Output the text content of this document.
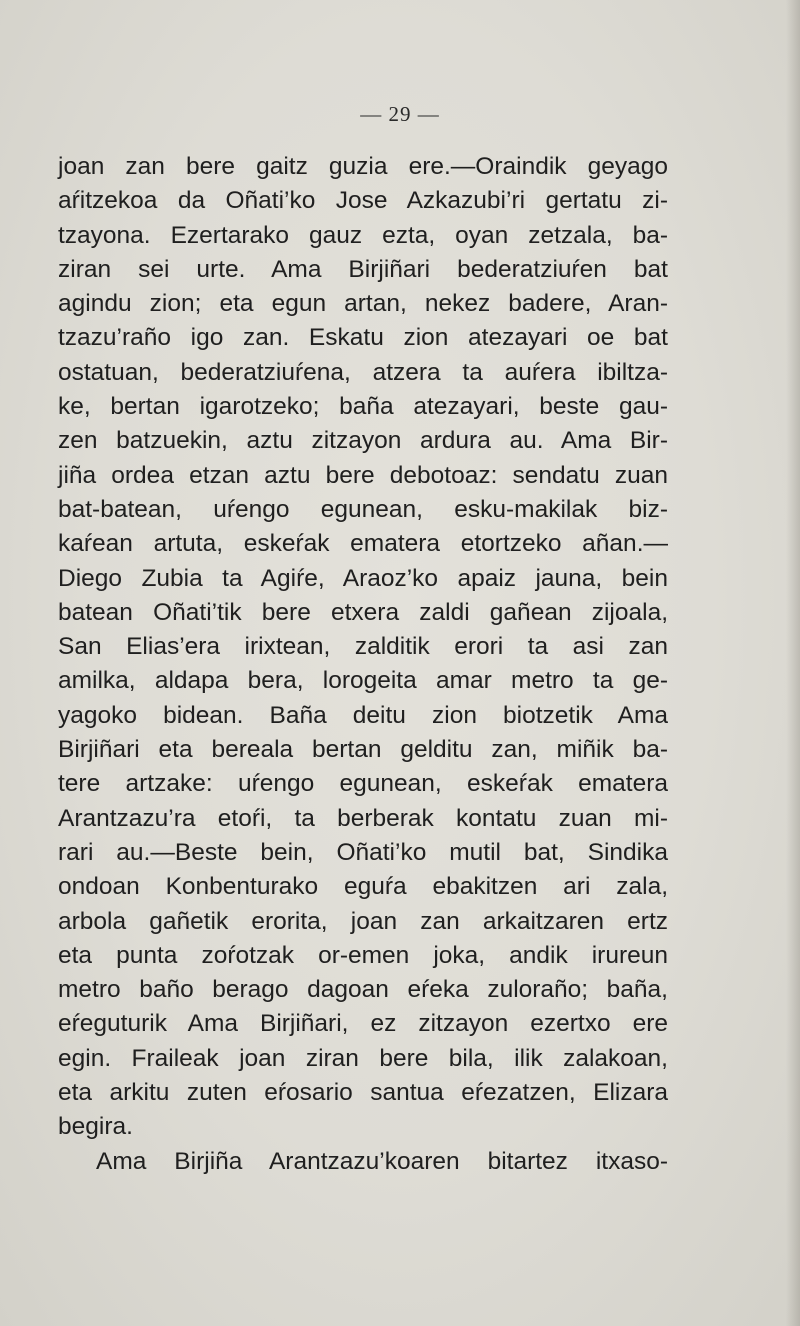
— 29 —
joan zan bere gaitz guzia ere.—Oraindik geyago
aŕitzekoa da Oñati’ko Jose Azkazubi’ri gertatu zi-
tzayona. Ezertarako gauz ezta, oyan zetzala, ba-
ziran sei urte. Ama Birjiñari bederatziuŕen bat
agindu zion; eta egun artan, nekez badere, Aran-
tzazu’raño igo zan. Eskatu zion atezayari oe bat
ostatuan, bederatziuŕena, atzera ta auŕera ibiltza-
ke, bertan igarotzeko; baña atezayari, beste gau-
zen batzuekin, aztu zitzayon ardura au. Ama Bir-
jiña ordea etzan aztu bere debotoaz: sendatu zuan
bat-batean, uŕengo egunean, esku-makilak biz-
kaŕean artuta, eskeŕak ematera etortzeko añan.—
Diego Zubia ta Agiŕe, Araoz’ko apaiz jauna, bein
batean Oñati’tik bere etxera zaldi gañean zijoala,
San Elias’era irixtean, zalditik erori ta asi zan
amilka, aldapa bera, lorogeita amar metro ta ge-
yagoko bidean. Baña deitu zion biotzetik Ama
Birjiñari eta bereala bertan gelditu zan, miñik ba-
tere artzake: uŕengo egunean, eskeŕak ematera
Arantzazu’ra etoŕi, ta berberak kontatu zuan mi-
rari au.—Beste bein, Oñati’ko mutil bat, Sindika
ondoan Konbenturako eguŕa ebakitzen ari zala,
arbola gañetik erorita, joan zan arkaitzaren ertz
eta punta zoŕotzak or-emen joka, andik irureun
metro baño berago dagoan eŕeka zuloraño; baña,
eŕeguturik Ama Birjiñari, ez zitzayon ezertxo ere
egin. Fraileak joan ziran bere bila, ilik zalakoan,
eta arkitu zuten eŕosario santua eŕezatzen, Elizara
begira.
Ama Birjiña Arantzazu’koaren bitartez itxaso-
